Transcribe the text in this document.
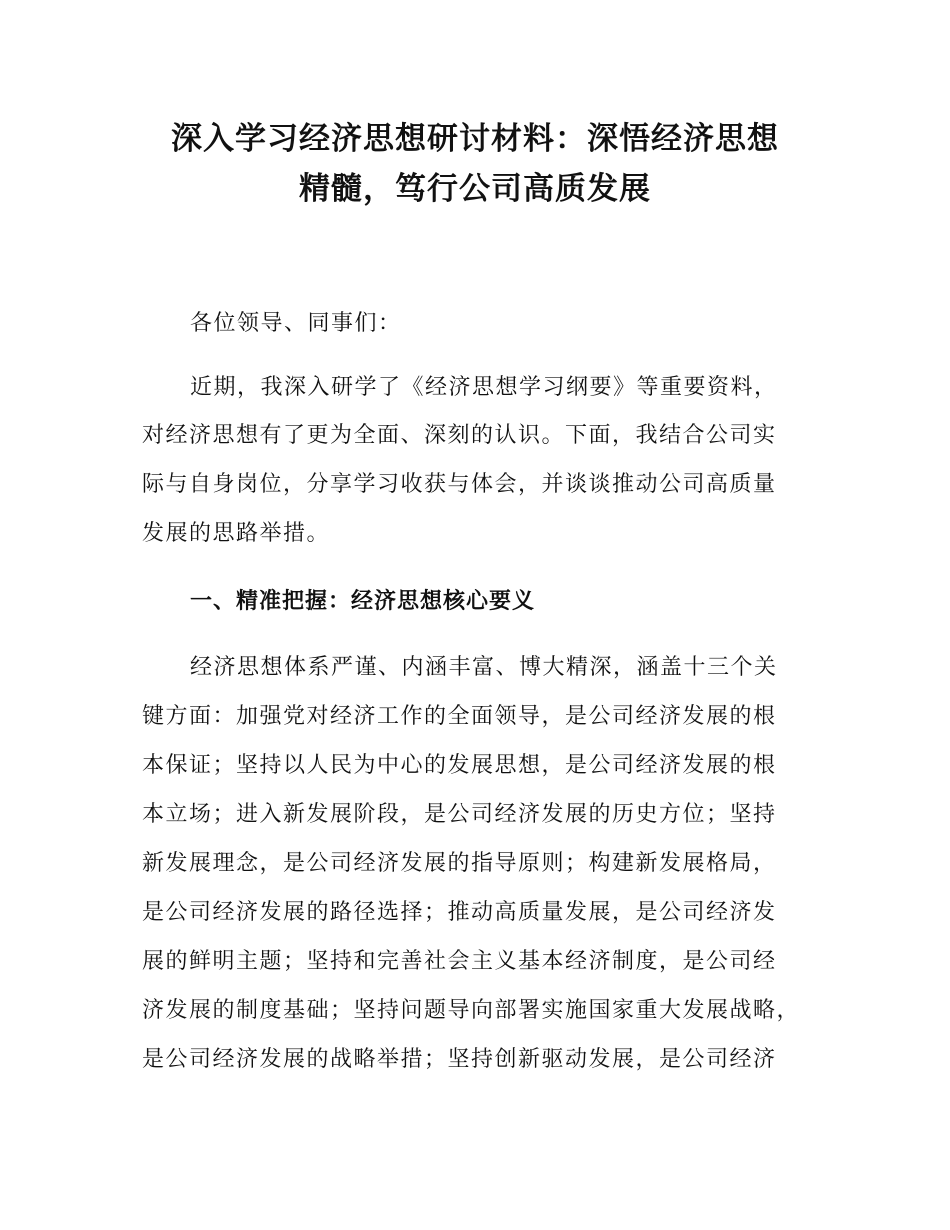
深入学习经济思想研讨材料：深悟经济思想
精髓，笃行公司高质发展
各位领导、同事们：
近期，我深入研学了《经济思想学习纲要》等重要资料，
对经济思想有了更为全面、深刻的认识。下面，我结合公司实
际与自身岗位，分享学习收获与体会，并谈谈推动公司高质量
发展的思路举措。
一、精准把握：经济思想核心要义
经济思想体系严谨、内涵丰富、博大精深，涵盖十三个关
键方面：加强党对经济工作的全面领导，是公司经济发展的根
本保证；坚持以人民为中心的发展思想，是公司经济发展的根
本立场；进入新发展阶段，是公司经济发展的历史方位；坚持
新发展理念，是公司经济发展的指导原则；构建新发展格局，
是公司经济发展的路径选择；推动高质量发展，是公司经济发
展的鲜明主题；坚持和完善社会主义基本经济制度，是公司经
济发展的制度基础；坚持问题导向部署实施国家重大发展战略，
是公司经济发展的战略举措；坚持创新驱动发展，是公司经济
